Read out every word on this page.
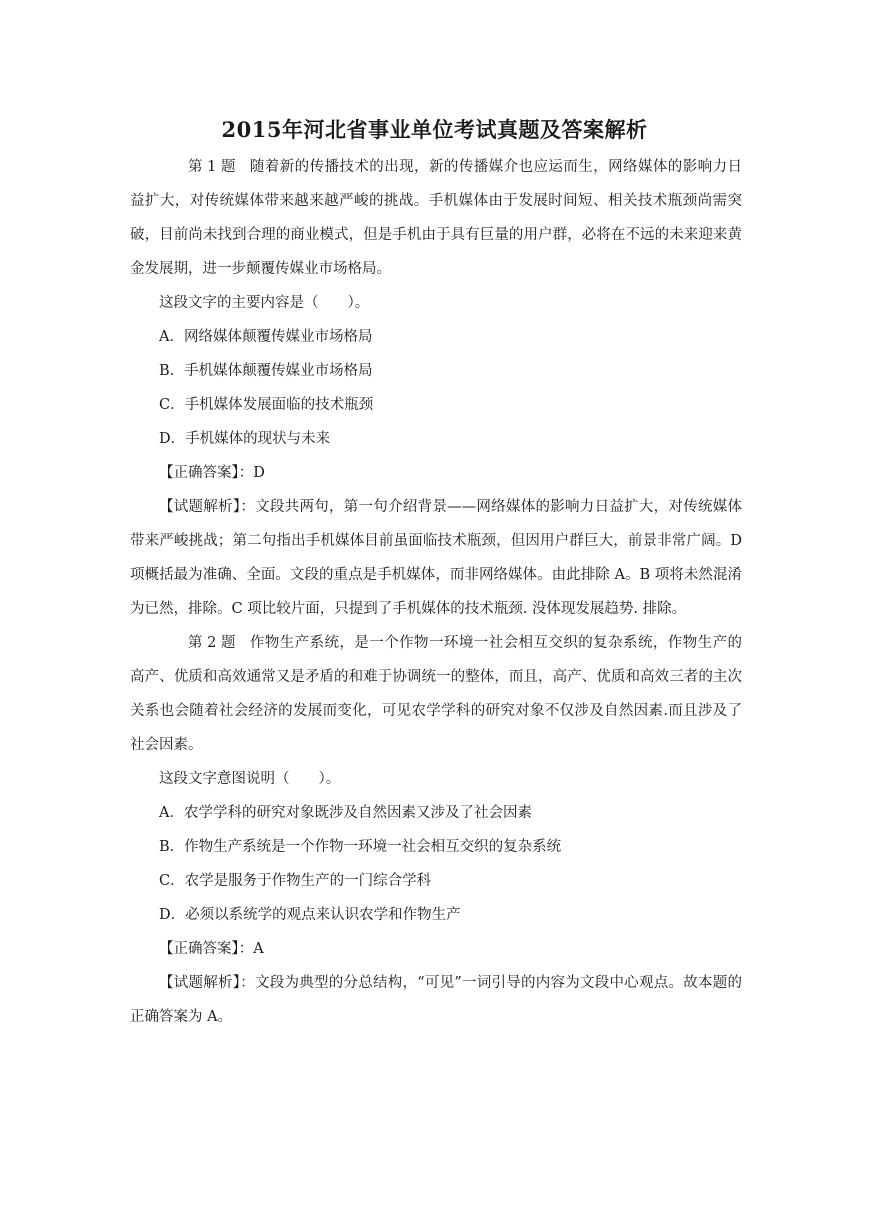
2015年河北省事业单位考试真题及答案解析

第 1 题 随着新的传播技术的出现，新的传播媒介也应运而生，网络媒体的影响力日益扩大，对传统媒体带来越来越严峻的挑战。手机媒体由于发展时间短、相关技术瓶颈尚需突破，目前尚未找到合理的商业模式，但是手机由于具有巨量的用户群，必将在不远的未来迎来黄金发展期，进一步颠覆传媒业市场格局。

这段文字的主要内容是（　　）。

A．网络媒体颠覆传媒业市场格局

B．手机媒体颠覆传媒业市场格局

C．手机媒体发展面临的技术瓶颈

D．手机媒体的现状与未来

【正确答案】：D

【试题解析】：文段共两句，第一句介绍背景——网络媒体的影响力日益扩大，对传统媒体带来严峻挑战；第二句指出手机媒体目前虽面临技术瓶颈，但因用户群巨大，前景非常广阔。D 项概括最为准确、全面。文段的重点是手机媒体，而非网络媒体。由此排除 A。B 项将未然混淆为已然，排除。C 项比较片面，只提到了手机媒体的技术瓶颈. 没体现发展趋势. 排除。

第 2 题 作物生产系统，是一个作物一环境一社会相互交织的复杂系统，作物生产的高产、优质和高效通常又是矛盾的和难于协调统一的整体，而且，高产、优质和高效三者的主次关系也会随着社会经济的发展而变化，可见农学学科的研究对象不仅涉及自然因素.而且涉及了社会因素。

这段文字意图说明（　　）。

A．农学学科的研究对象既涉及自然因素又涉及了社会因素

B．作物生产系统是一个作物一环境一社会相互交织的复杂系统

C．农学是服务于作物生产的一门综合学科

D．必须以系统学的观点来认识农学和作物生产

【正确答案】：A

【试题解析】：文段为典型的分总结构，“可见”一词引导的内容为文段中心观点。故本题的正确答案为 A。
